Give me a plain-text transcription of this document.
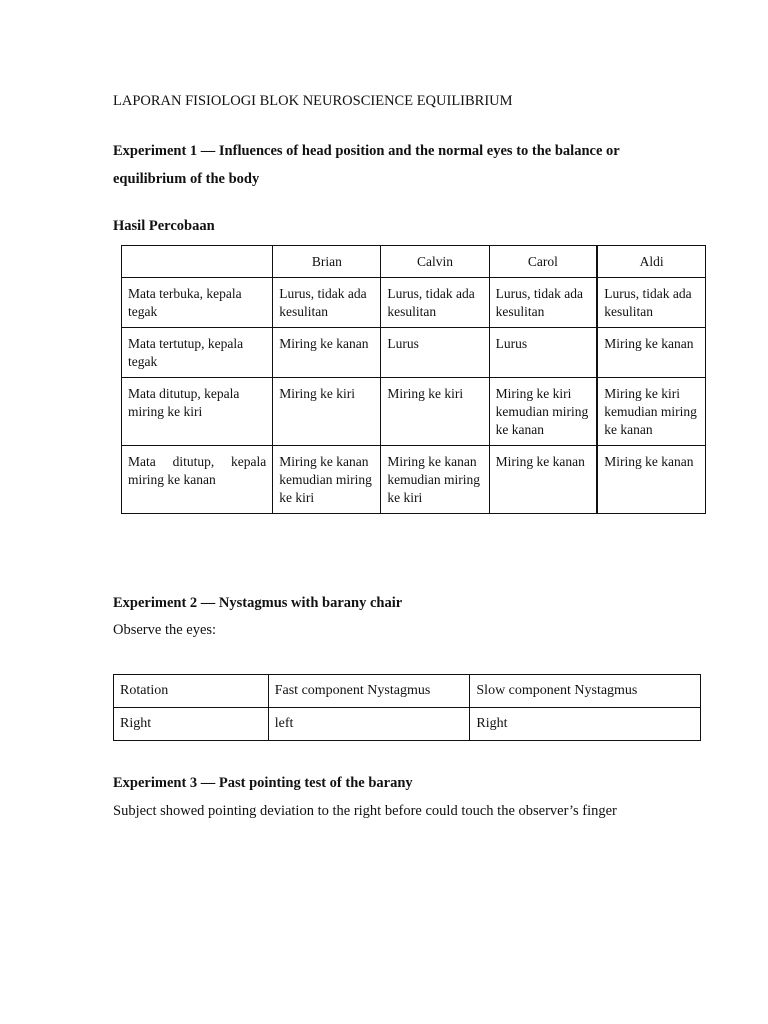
LAPORAN FISIOLOGI BLOK NEUROSCIENCE EQUILIBRIUM
Experiment 1 — Influences of head position and the normal eyes to the balance or equilibrium of the body
Hasil Percobaan
	Brian	Calvin	Carol	Aldi
Mata terbuka, kepala tegak	Lurus, tidak ada kesulitan	Lurus, tidak ada kesulitan	Lurus, tidak ada kesulitan	Lurus, tidak ada kesulitan
Mata tertutup, kepala tegak	Miring ke kanan	Lurus	Lurus	Miring ke kanan
Mata ditutup, kepala miring ke kiri	Miring ke kiri	Miring ke kiri	Miring ke kiri kemudian miring ke kanan	Miring ke kiri kemudian miring ke kanan
Mata ditutup, kepala miring ke kanan	Miring ke kanan kemudian miring ke kiri	Miring ke kanan kemudian miring ke kiri	Miring ke kanan	Miring ke kanan
Experiment 2 — Nystagmus with barany chair
Observe the eyes:
Rotation	Fast component Nystagmus	Slow component Nystagmus
Right	left	Right
Experiment 3 — Past pointing test of the barany
Subject showed pointing deviation to the right before could touch the observer’s finger
